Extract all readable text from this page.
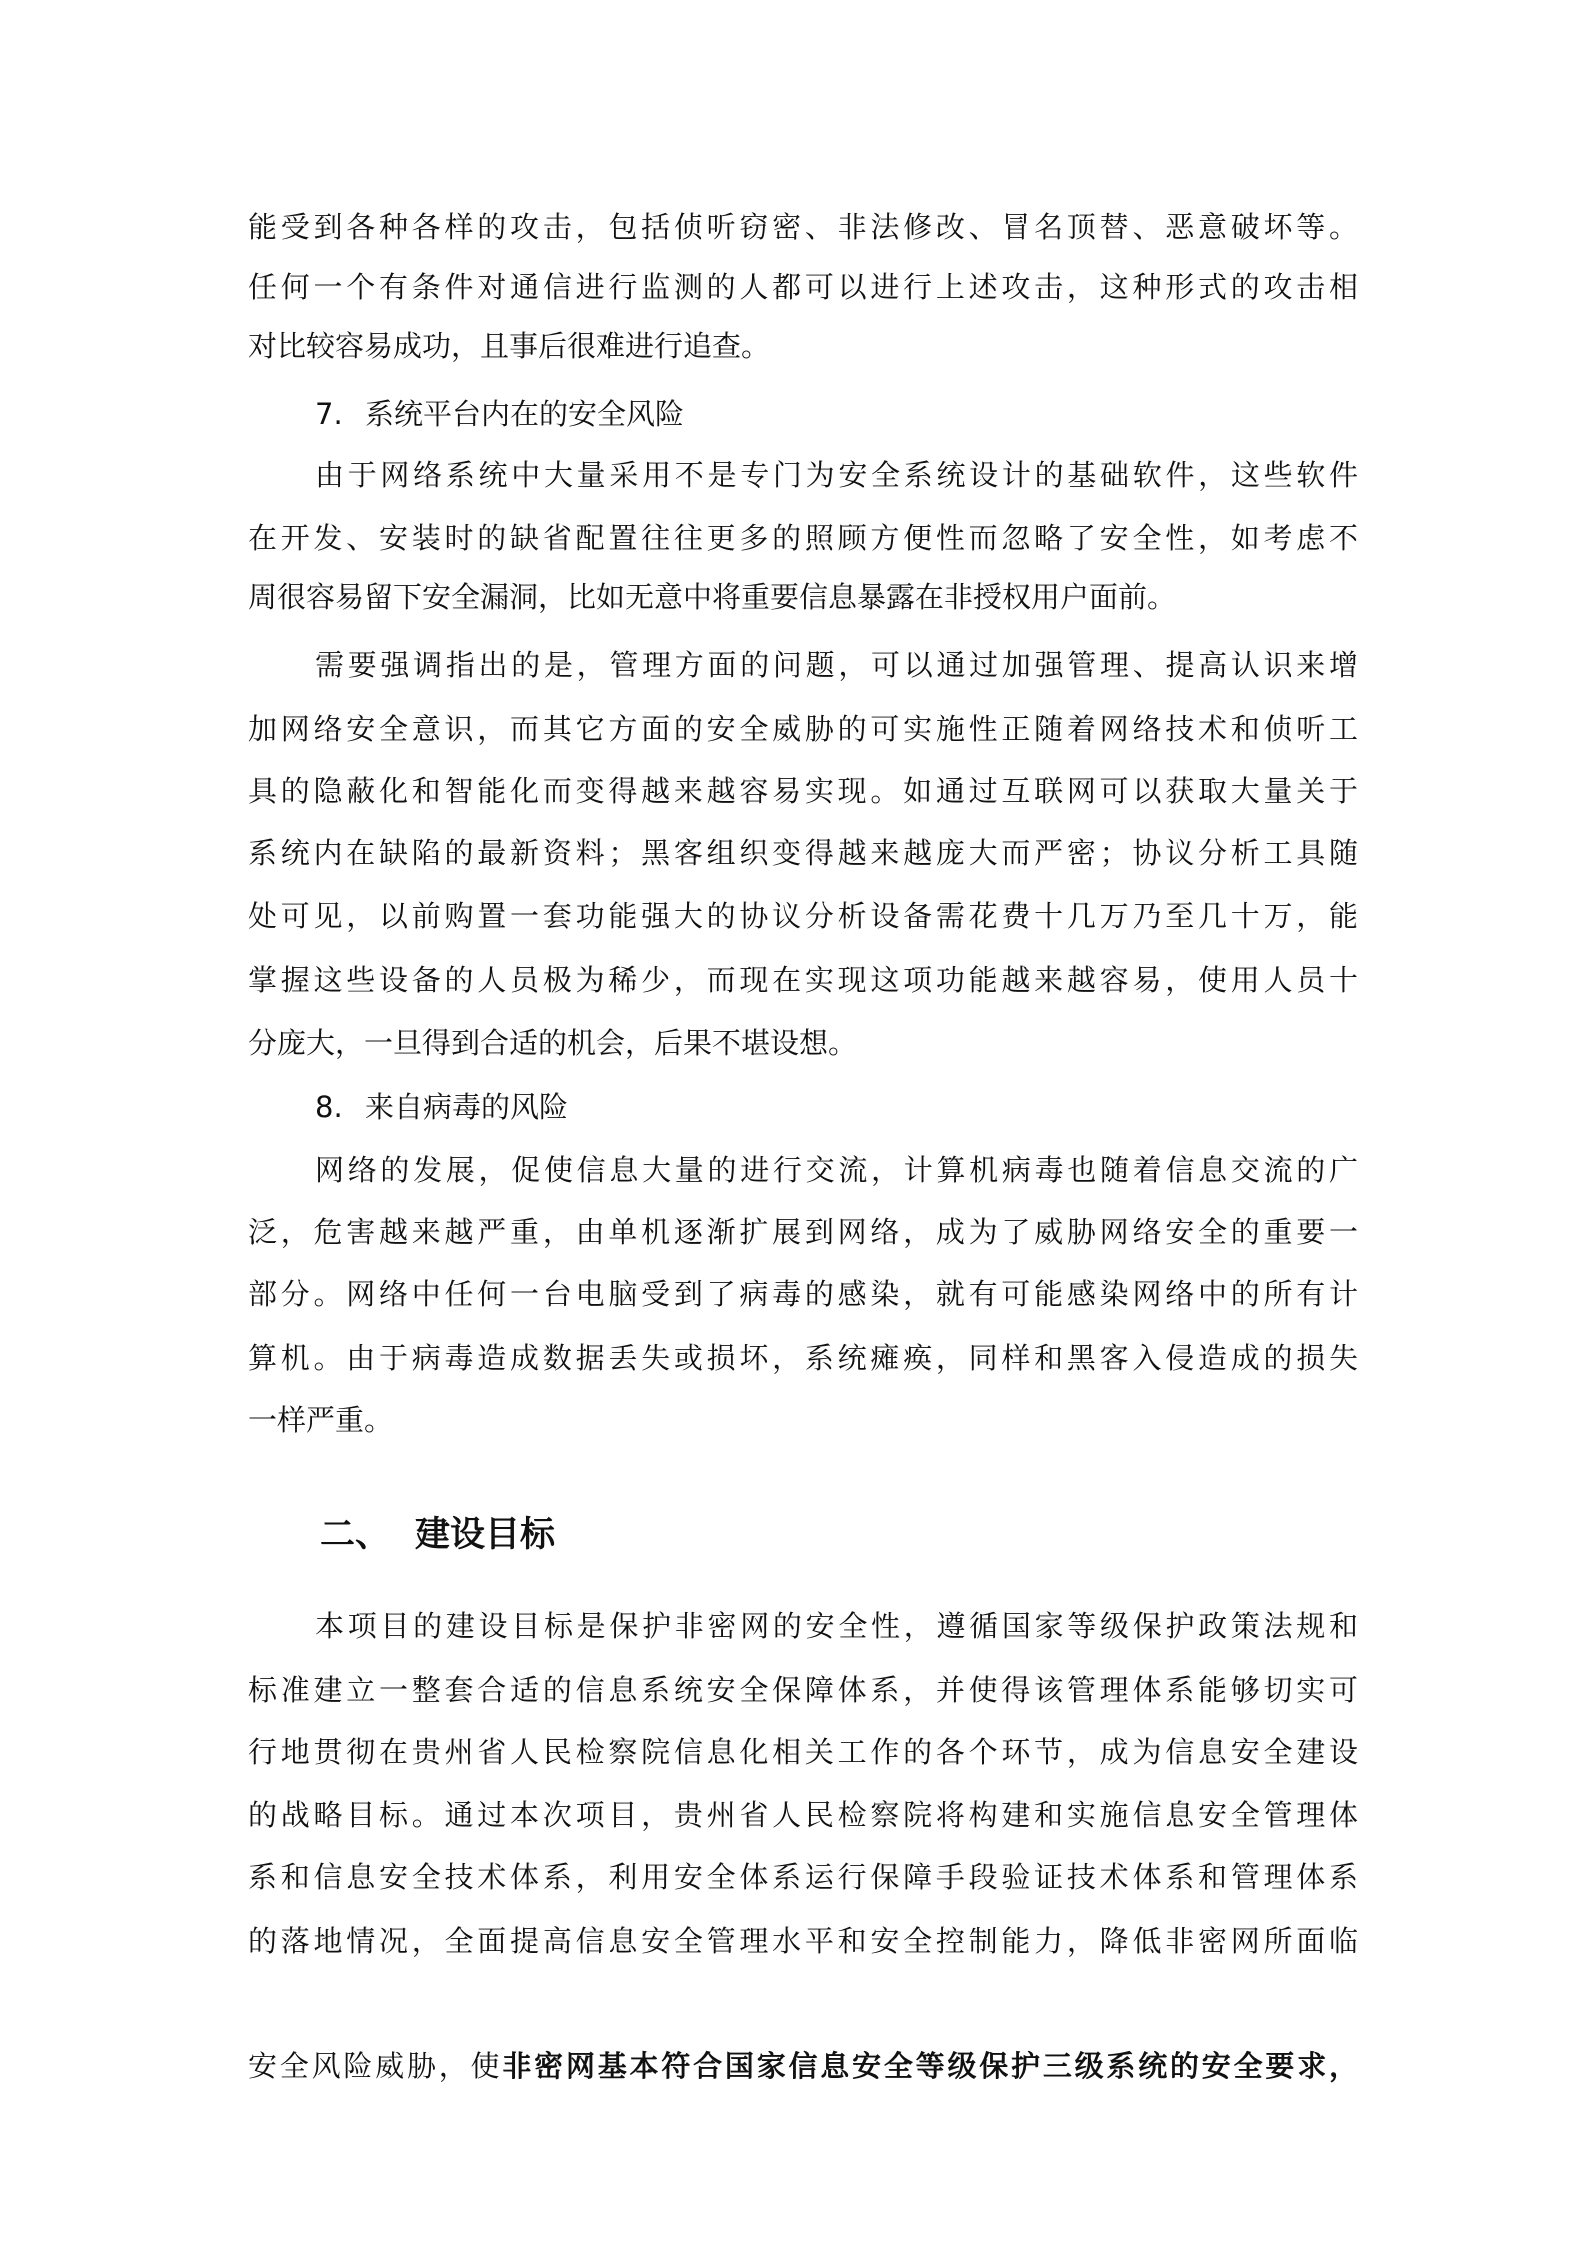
能受到各种各样的攻击，包括侦听窃密、非法修改、冒名顶替、恶意破坏等。
任何一个有条件对通信进行监测的人都可以进行上述攻击，这种形式的攻击相
对比较容易成功，且事后很难进行追查。
7. 系统平台内在的安全风险
由于网络系统中大量采用不是专门为安全系统设计的基础软件，这些软件
在开发、安装时的缺省配置往往更多的照顾方便性而忽略了安全性，如考虑不
周很容易留下安全漏洞，比如无意中将重要信息暴露在非授权用户面前。
需要强调指出的是，管理方面的问题，可以通过加强管理、提高认识来增
加网络安全意识，而其它方面的安全威胁的可实施性正随着网络技术和侦听工
具的隐蔽化和智能化而变得越来越容易实现。如通过互联网可以获取大量关于
系统内在缺陷的最新资料；黑客组织变得越来越庞大而严密；协议分析工具随
处可见，以前购置一套功能强大的协议分析设备需花费十几万乃至几十万，能
掌握这些设备的人员极为稀少，而现在实现这项功能越来越容易，使用人员十
分庞大，一旦得到合适的机会，后果不堪设想。
8. 来自病毒的风险
网络的发展，促使信息大量的进行交流，计算机病毒也随着信息交流的广
泛，危害越来越严重，由单机逐渐扩展到网络，成为了威胁网络安全的重要一
部分。网络中任何一台电脑受到了病毒的感染，就有可能感染网络中的所有计
算机。由于病毒造成数据丢失或损坏，系统瘫痪，同样和黑客入侵造成的损失
一样严重。
二、 建设目标
本项目的建设目标是保护非密网的安全性，遵循国家等级保护政策法规和
标准建立一整套合适的信息系统安全保障体系，并使得该管理体系能够切实可
行地贯彻在贵州省人民检察院信息化相关工作的各个环节，成为信息安全建设
的战略目标。通过本次项目，贵州省人民检察院将构建和实施信息安全管理体
系和信息安全技术体系，利用安全体系运行保障手段验证技术体系和管理体系
的落地情况，全面提高信息安全管理水平和安全控制能力，降低非密网所面临
安全风险威胁，使非密网基本符合国家信息安全等级保护三级系统的安全要求，
